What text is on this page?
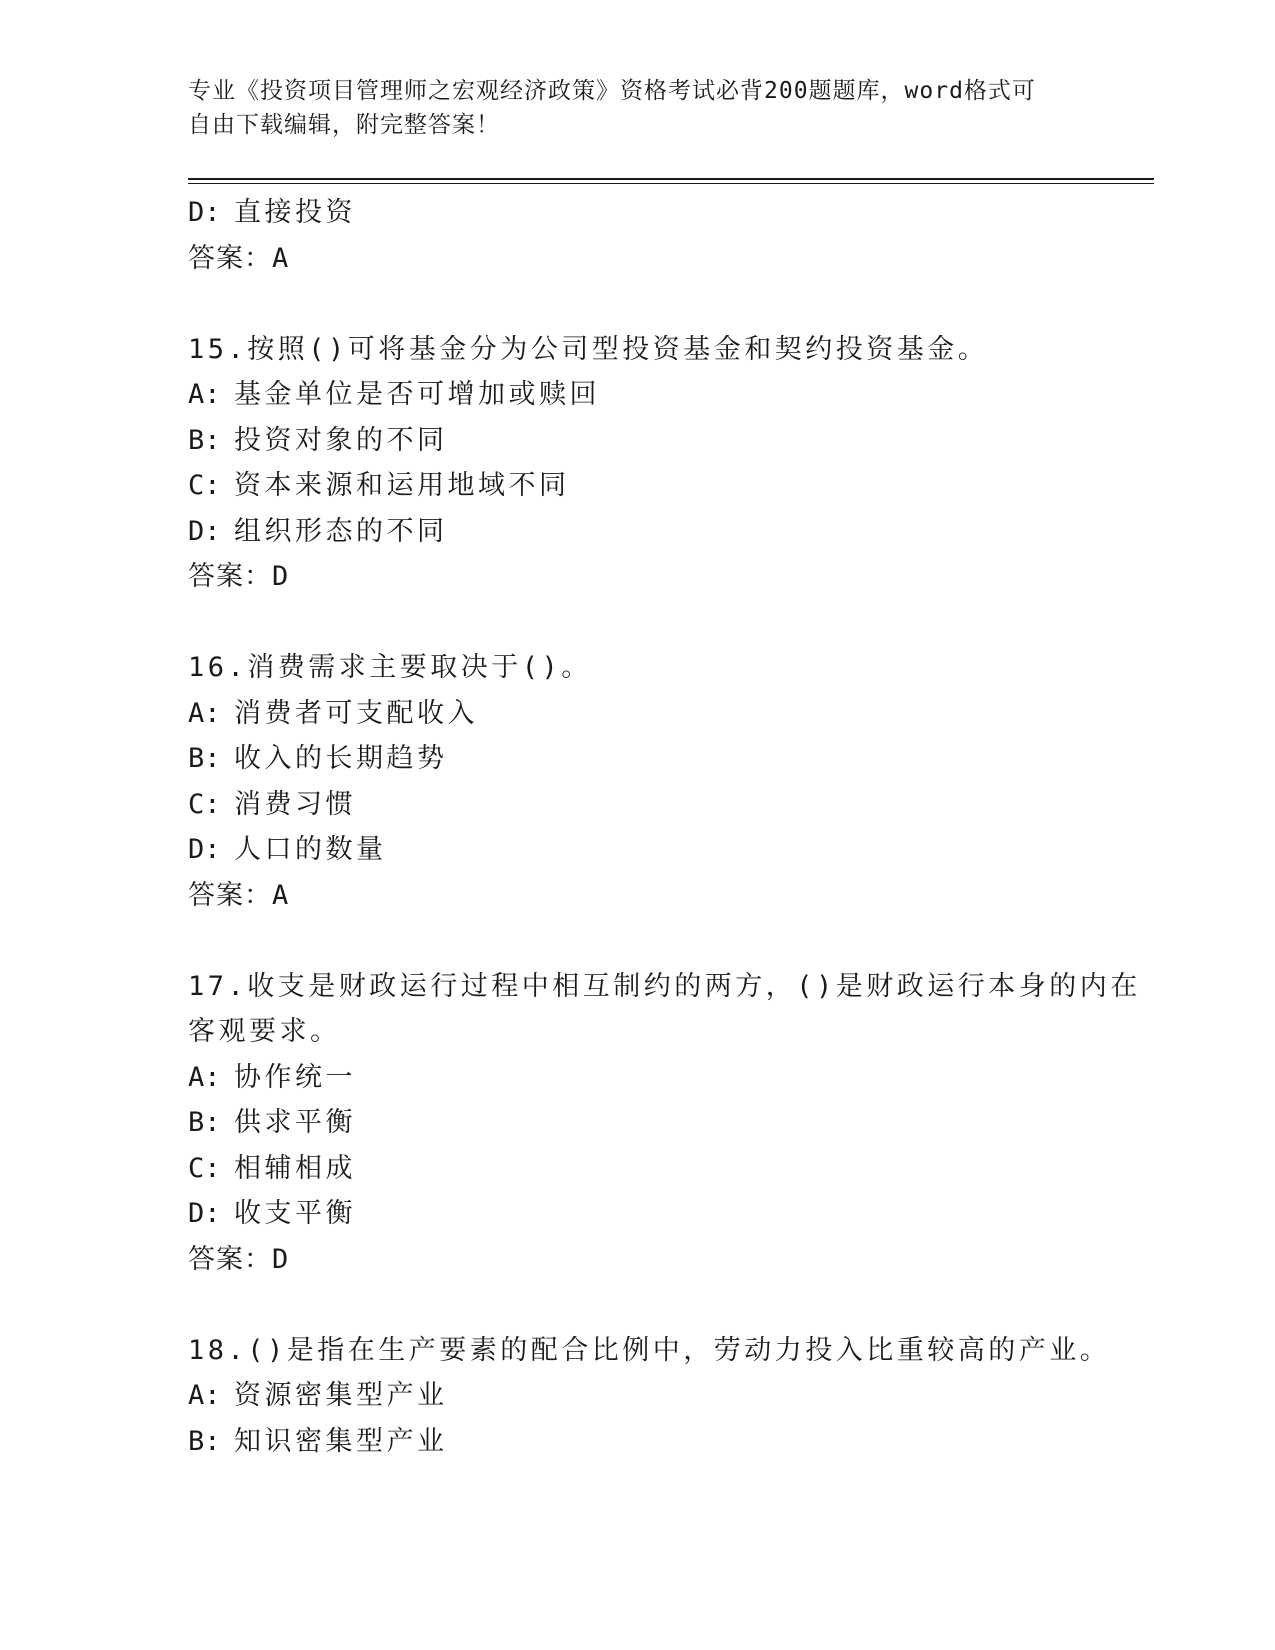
专业《投资项目管理师之宏观经济政策》资格考试必背200题题库，word格式可
自由下载编辑，附完整答案！
D: 直接投资
答案：A
15.按照()可将基金分为公司型投资基金和契约投资基金。
A: 基金单位是否可增加或赎回
B: 投资对象的不同
C: 资本来源和运用地域不同
D: 组织形态的不同
答案：D
16.消费需求主要取决于()。
A: 消费者可支配收入
B: 收入的长期趋势
C: 消费习惯
D: 人口的数量
答案：A
17.收支是财政运行过程中相互制约的两方，()是财政运行本身的内在
客观要求。
A: 协作统一
B: 供求平衡
C: 相辅相成
D: 收支平衡
答案：D
18.()是指在生产要素的配合比例中，劳动力投入比重较高的产业。
A: 资源密集型产业
B: 知识密集型产业
